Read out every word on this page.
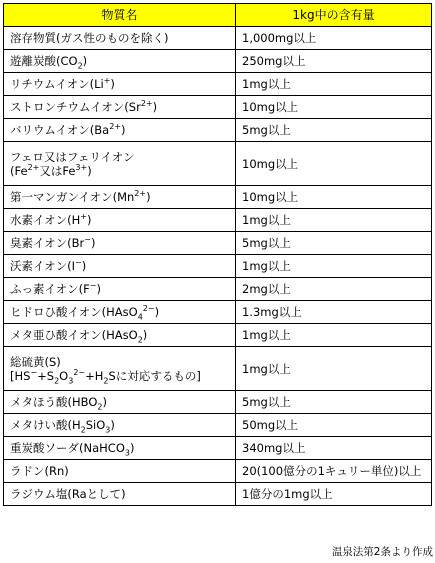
物質名	1kg中の含有量

溶存物質(ガス性のものを除く)	1,000mg以上

遊離炭酸$(CO_2)$	250mg以上

リチウムイオン(Li+)	1mg以上

ストロンチウムイオン$(Sr^{2+})$	10mg以上

バリウムイオン$(Ba^{2+})$	5mg以上

フェロ又はフェリイオン
($Fe^{2+}$又は$Fe^{3+}$)	10mg以上

第一マンガンイオン$(Mn^{2+})$	10mg以上

水素イオン(H+)	1mg以上

臭素イオン(Br−)	5mg以上

沃素イオン(I−)	1mg以上

ふっ素イオン(F−)	2mg以上

ヒドロひ酸イオン(HAsO$_4^{2-}$)	1.3mg以上

メタ亜ひ酸イオン(HAsO$_2$)	1mg以上

総硫黄(S)
[$HS^-+S_2O_3^{2-}+H_2S$に対応するもの]	1mg以上

メタほう酸$(HBO_2)$	5mg以上

メタけい酸$(H_2SiO_3)$	50mg以上

重炭酸ソーダ(NaHCO$_3$)	340mg以上

ラドン(Rn)	20(100億分の1キュリー単位)以上

ラジウム塩(Raとして)	1億分の1mg以上
温泉法第2条より作成
